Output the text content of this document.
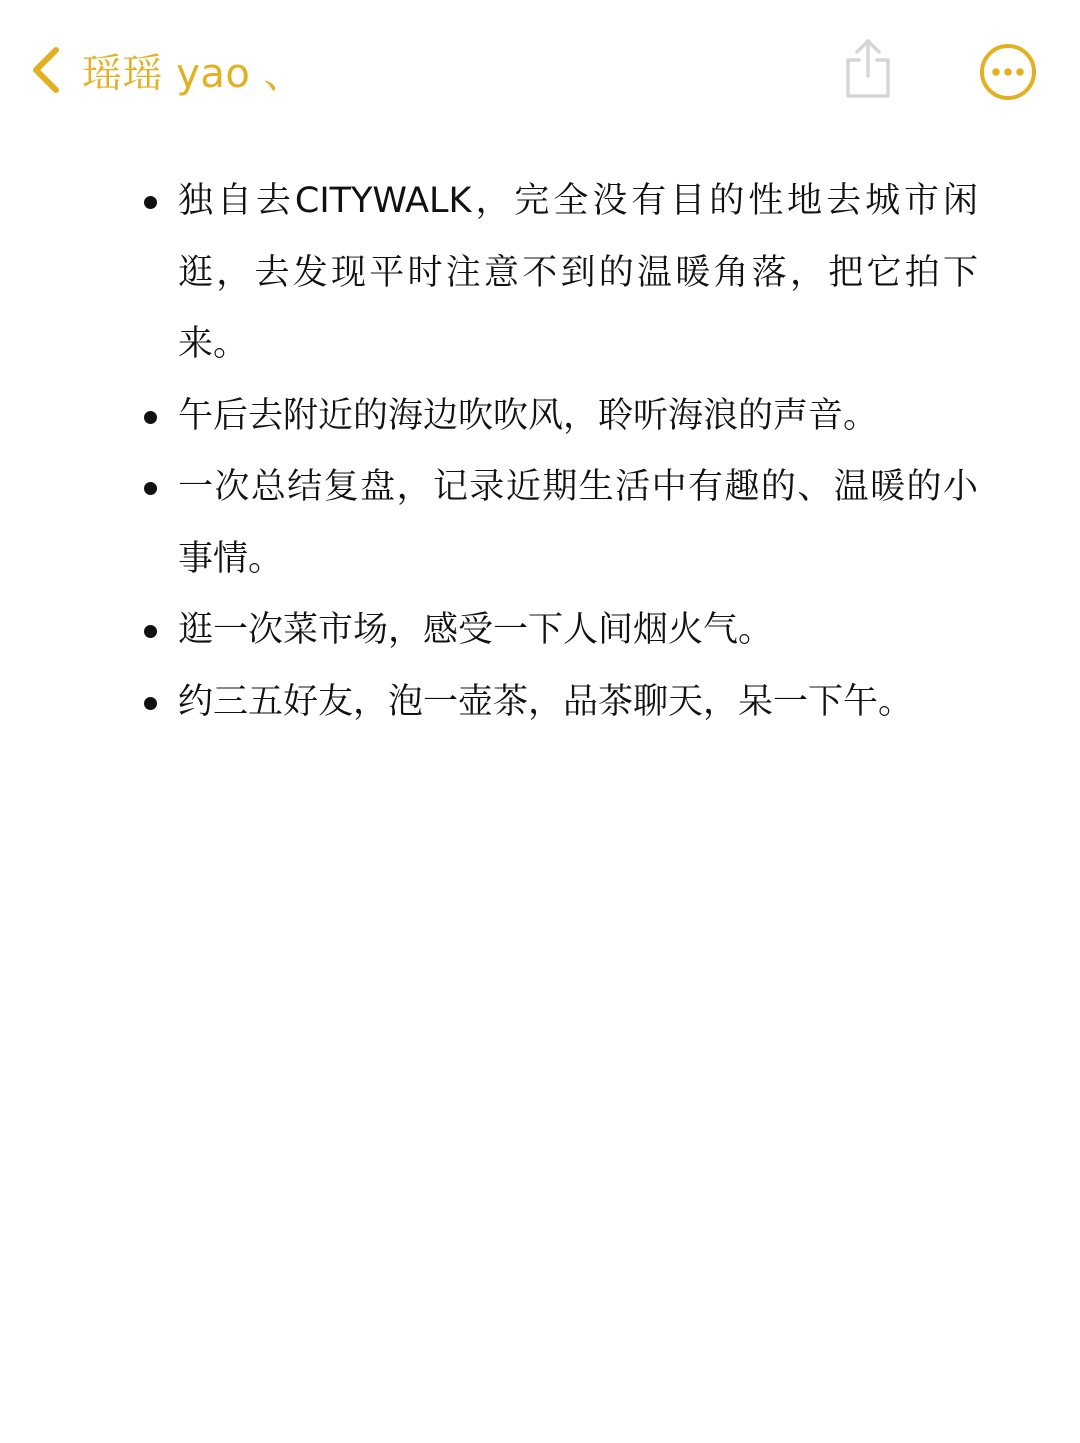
瑶瑶 yao 、
独自去CITYWALK，完全没有目的性地去城市闲逛，去发现平时注意不到的温暖角落，把它拍下来。
午后去附近的海边吹吹风，聆听海浪的声音。
一次总结复盘，记录近期生活中有趣的、温暖的小事情。
逛一次菜市场，感受一下人间烟火气。
约三五好友，泡一壶茶，品茶聊天，呆一下午。
